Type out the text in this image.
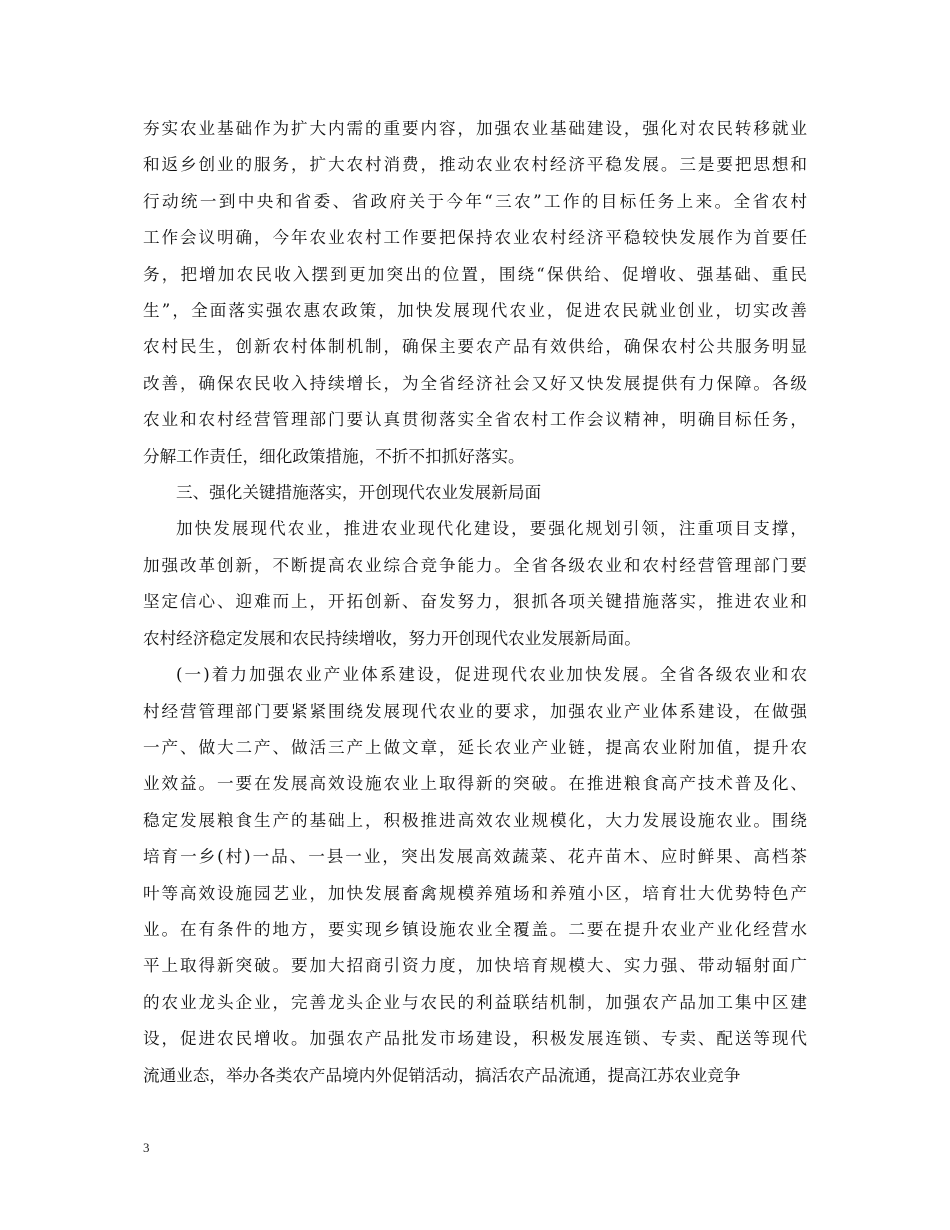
夯实农业基础作为扩大内需的重要内容，加强农业基础建设，强化对农民转移就业
和返乡创业的服务，扩大农村消费，推动农业农村经济平稳发展。三是要把思想和
行动统一到中央和省委、省政府关于今年“三农”工作的目标任务上来。全省农村
工作会议明确，今年农业农村工作要把保持农业农村经济平稳较快发展作为首要任
务，把增加农民收入摆到更加突出的位置，围绕“保供给、促增收、强基础、重民
生”，全面落实强农惠农政策，加快发展现代农业，促进农民就业创业，切实改善
农村民生，创新农村体制机制，确保主要农产品有效供给，确保农村公共服务明显
改善，确保农民收入持续增长，为全省经济社会又好又快发展提供有力保障。各级
农业和农村经营管理部门要认真贯彻落实全省农村工作会议精神，明确目标任务，
分解工作责任，细化政策措施，不折不扣抓好落实。
三、强化关键措施落实，开创现代农业发展新局面
加快发展现代农业，推进农业现代化建设，要强化规划引领，注重项目支撑，
加强改革创新，不断提高农业综合竞争能力。全省各级农业和农村经营管理部门要
坚定信心、迎难而上，开拓创新、奋发努力，狠抓各项关键措施落实，推进农业和
农村经济稳定发展和农民持续增收，努力开创现代农业发展新局面。
(一)着力加强农业产业体系建设，促进现代农业加快发展。全省各级农业和农
村经营管理部门要紧紧围绕发展现代农业的要求，加强农业产业体系建设，在做强
一产、做大二产、做活三产上做文章，延长农业产业链，提高农业附加值，提升农
业效益。一要在发展高效设施农业上取得新的突破。在推进粮食高产技术普及化、
稳定发展粮食生产的基础上，积极推进高效农业规模化，大力发展设施农业。围绕
培育一乡(村)一品、一县一业，突出发展高效蔬菜、花卉苗木、应时鲜果、高档茶
叶等高效设施园艺业，加快发展畜禽规模养殖场和养殖小区，培育壮大优势特色产
业。在有条件的地方，要实现乡镇设施农业全覆盖。二要在提升农业产业化经营水
平上取得新突破。要加大招商引资力度，加快培育规模大、实力强、带动辐射面广
的农业龙头企业，完善龙头企业与农民的利益联结机制，加强农产品加工集中区建
设，促进农民增收。加强农产品批发市场建设，积极发展连锁、专卖、配送等现代
流通业态，举办各类农产品境内外促销活动，搞活农产品流通，提高江苏农业竞争
3
